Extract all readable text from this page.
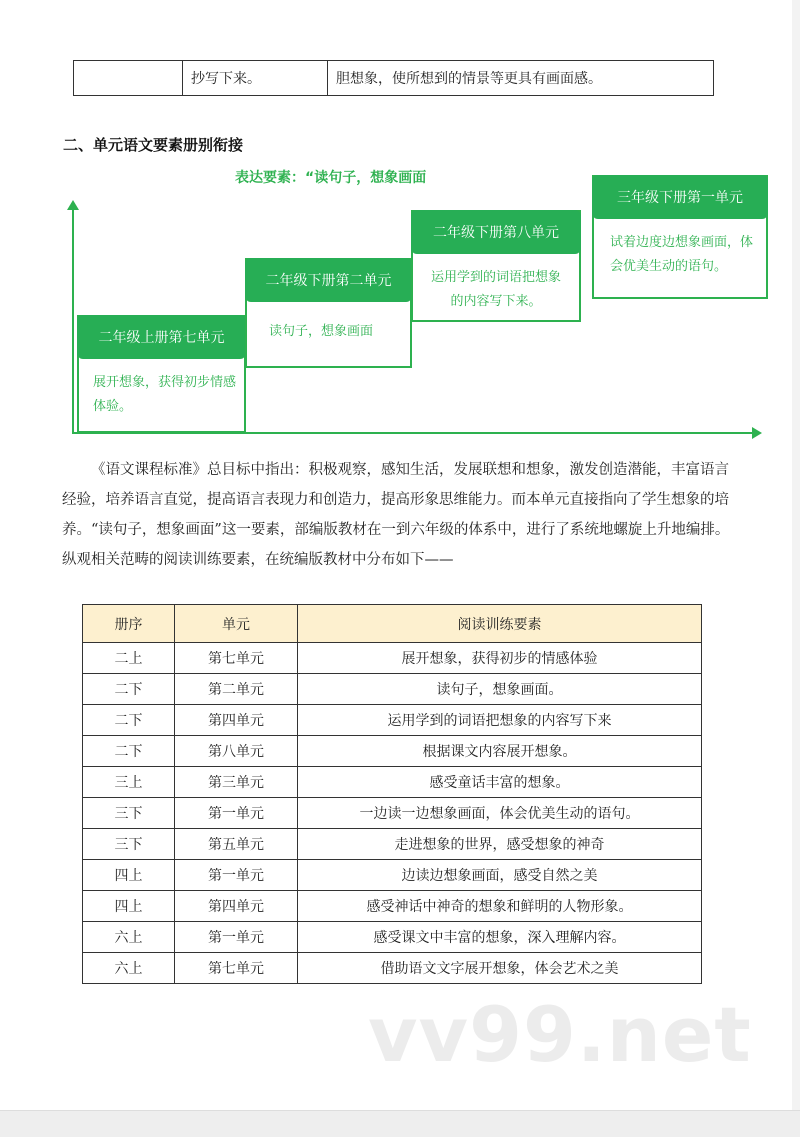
	抄写下来。	胆想象，使所想到的情景等更具有画面感。
二、单元语文要素册别衔接
表达要素：“读句子，想象画面
二年级上册第七单元
展开想象，获得初步情感体验。
二年级下册第二单元
读句子，想象画面
二年级下册第八单元
运用学到的词语把想象的内容写下来。
三年级下册第一单元
试着边度边想象画面，体会优美生动的语句。
《语文课程标准》总目标中指出：积极观察，感知生活，发展联想和想象，激发创造潜能，丰富语言经验，培养语言直觉，提高语言表现力和创造力，提高形象思维能力。而本单元直接指向了学生想象的培养。“读句子，想象画面”这一要素，部编版教材在一到六年级的体系中，进行了系统地螺旋上升地编排。纵观相关范畴的阅读训练要素，在统编版教材中分布如下——
册序	单元	阅读训练要素
二上	第七单元	展开想象，获得初步的情感体验
二下	第二单元	读句子，想象画面。
二下	第四单元	运用学到的词语把想象的内容写下来
二下	第八单元	根据课文内容展开想象。
三上	第三单元	感受童话丰富的想象。
三下	第一单元	一边读一边想象画面，体会优美生动的语句。
三下	第五单元	走进想象的世界，感受想象的神奇
四上	第一单元	边读边想象画面，感受自然之美
四上	第四单元	感受神话中神奇的想象和鲜明的人物形象。
六上	第一单元	感受课文中丰富的想象，深入理解内容。
六上	第七单元	借助语文文字展开想象，体会艺术之美
vv99.net
